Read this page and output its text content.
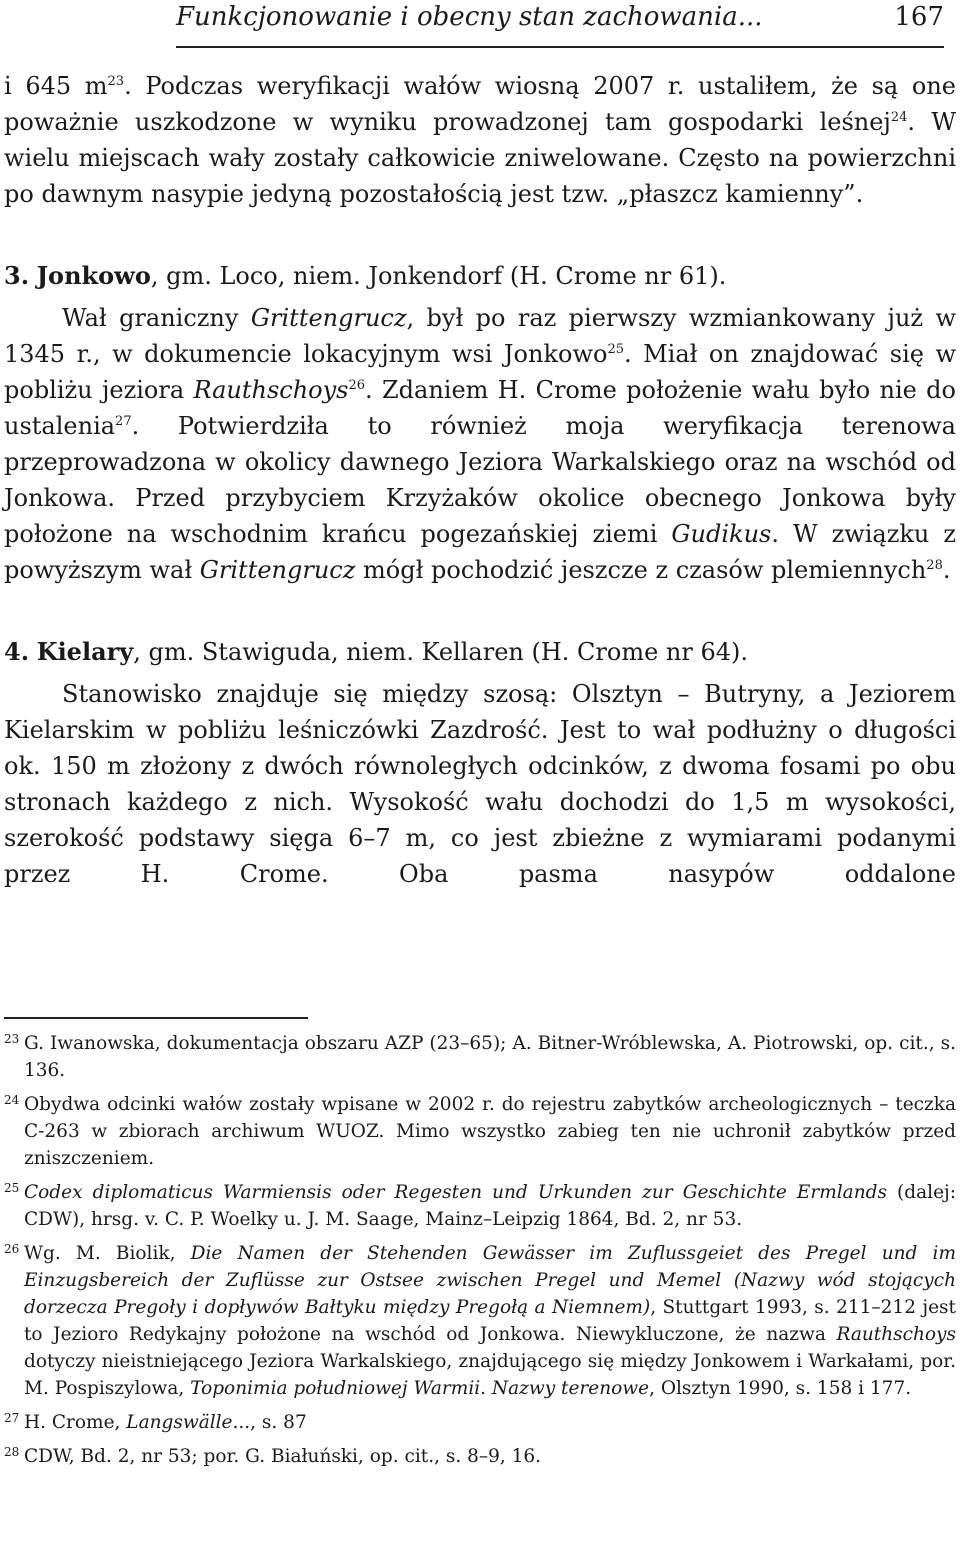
Funkcjonowanie i obecny stan zachowania...	167

i 645 $m^{23}$. Podczas weryfikacji wałów wiosną 2007 r. ustaliłem, że są one poważnie uszkodzone w wyniku prowadzonej tam gospodarki leśnej$^{24}$. W wielu miejscach wały zostały całkowicie zniwelowane. Często na powierzchni po dawnym nasypie jedyną pozostałością jest tzw. „płaszcz kamienny”.

3. Jonkowo, gm. Loco, niem. Jonkendorf (H. Crome nr 61).

Wał graniczny Grittengrucz, był po raz pierwszy wzmiankowany już w 1345 r., w dokumencie lokacyjnym wsi Jonkowo$^{25}$. Miał on znajdować się w pobliżu jeziora Rauthschoys$^{26}$. Zdaniem H. Crome położenie wału było nie do ustalenia$^{27}$. Potwierdziła to również moja weryfikacja terenowa przeprowadzona w okolicy dawnego Jeziora Warkalskiego oraz na wschód od Jonkowa. Przed przybyciem Krzyżaków okolice obecnego Jonkowa były położone na wschodnim krańcu pogezańskiej ziemi Gudikus. W związku z powyższym wał Grittengrucz mógł pochodzić jeszcze z czasów plemiennych$^{28}$.

4. Kielary, gm. Stawiguda, niem. Kellaren (H. Crome nr 64).

Stanowisko znajduje się między szosą: Olsztyn – Butryny, a Jeziorem Kielarskim w pobliżu leśniczówki Zazdrość. Jest to wał podłużny o długości ok. 150 m złożony z dwóch równoległych odcinków, z dwoma fosami po obu stronach każdego z nich. Wysokość wału dochodzi do 1,5 m wysokości, szerokość podstawy sięga 6–7 m, co jest zbieżne z wymiarami podanymi przez H. Crome. Oba pasma nasypów oddalone

23 G. Iwanowska, dokumentacja obszaru AZP (23–65); A. Bitner-Wróblewska, A. Piotrowski, op. cit., s. 136.

24 Obydwa odcinki wałów zostały wpisane w 2002 r. do rejestru zabytków archeologicznych – teczka C-263 w zbiorach archiwum WUOZ. Mimo wszystko zabieg ten nie uchronił zabytków przed zniszczeniem.

25 Codex diplomaticus Warmiensis oder Regesten und Urkunden zur Geschichte Ermlands (dalej: CDW), hrsg. v. C. P. Woelky u. J. M. Saage, Mainz–Leipzig 1864, Bd. 2, nr 53.

26 Wg. M. Biolik, Die Namen der Stehenden Gewässer im Zuflussgeiet des Pregel und im Einzugsbereich der Zuflüsse zur Ostsee zwischen Pregel und Memel (Nazwy wód stojących dorzecza Pregoły i dopływów Bałtyku między Pregołą a Niemnem), Stuttgart 1993, s. 211–212 jest to Jezioro Redykajny położone na wschód od Jonkowa. Niewykluczone, że nazwa Rauthschoys dotyczy nieistniejącego Jeziora Warkalskiego, znajdującego się między Jonkowem i Warkałami, por. M. Pospiszylowa, Toponimia południowej Warmii. Nazwy terenowe, Olsztyn 1990, s. 158 i 177.

27 H. Crome, Langswälle..., s. 87

28 CDW, Bd. 2, nr 53; por. G. Białuński, op. cit., s. 8–9, 16.
